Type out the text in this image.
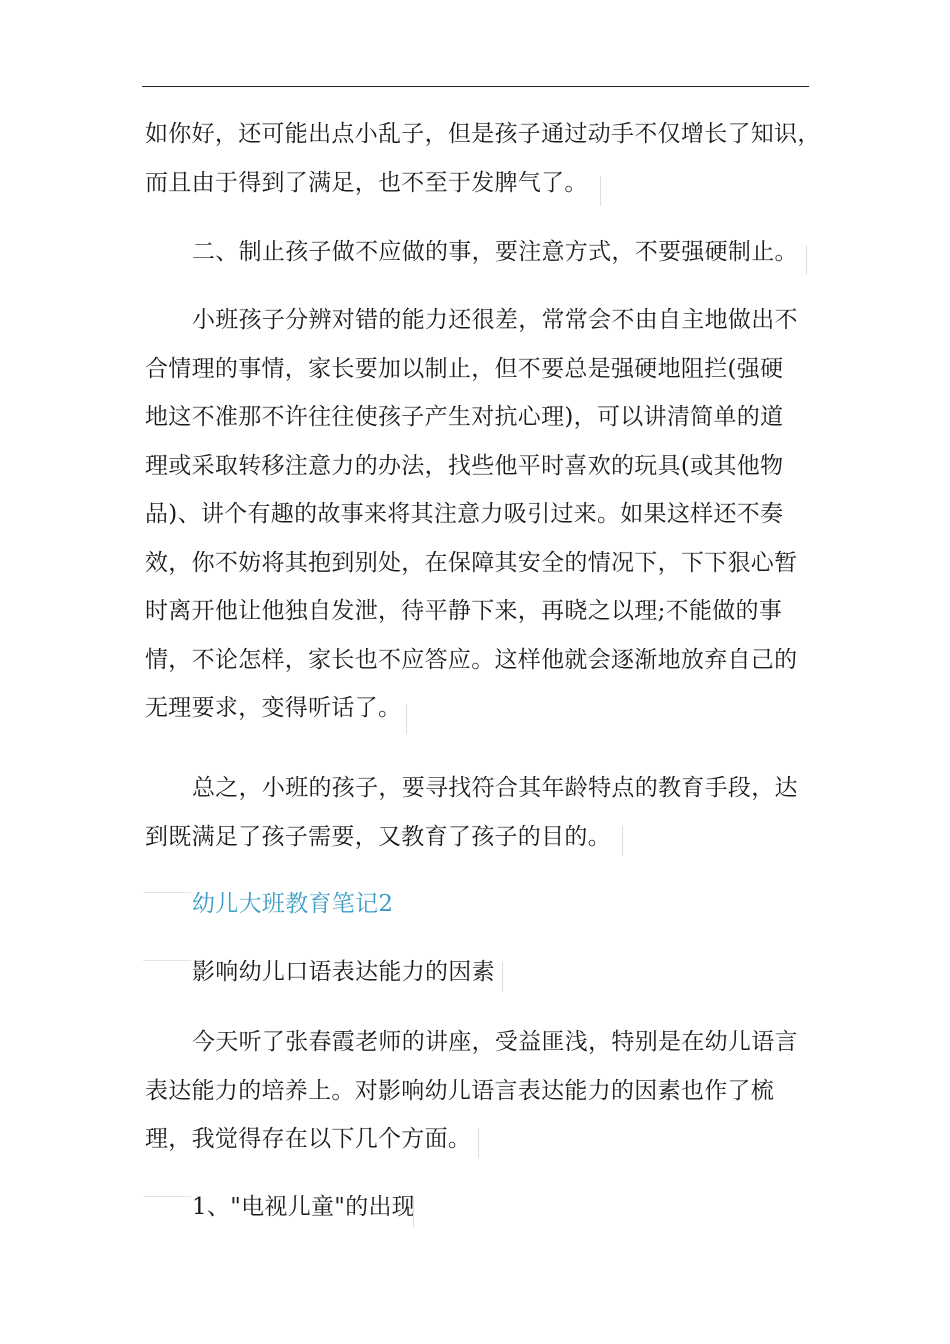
如你好，还可能出点小乱子，但是孩子通过动手不仅增长了知识，
而且由于得到了满足，也不至于发脾气了。
二、制止孩子做不应做的事，要注意方式，不要强硬制止。
小班孩子分辨对错的能力还很差，常常会不由自主地做出不
合情理的事情，家长要加以制止，但不要总是强硬地阻拦(强硬
地这不准那不许往往使孩子产生对抗心理)，可以讲清简单的道
理或采取转移注意力的办法，找些他平时喜欢的玩具(或其他物
品)、讲个有趣的故事来将其注意力吸引过来。如果这样还不奏
效，你不妨将其抱到别处，在保障其安全的情况下，下下狠心暂
时离开他让他独自发泄，待平静下来，再晓之以理;不能做的事
情，不论怎样，家长也不应答应。这样他就会逐渐地放弃自己的
无理要求，变得听话了。
总之，小班的孩子，要寻找符合其年龄特点的教育手段，达
到既满足了孩子需要，又教育了孩子的目的。
幼儿大班教育笔记2
影响幼儿口语表达能力的因素
今天听了张春霞老师的讲座，受益匪浅，特别是在幼儿语言
表达能力的培养上。对影响幼儿语言表达能力的因素也作了梳
理，我觉得存在以下几个方面。
1、"电视儿童"的出现
